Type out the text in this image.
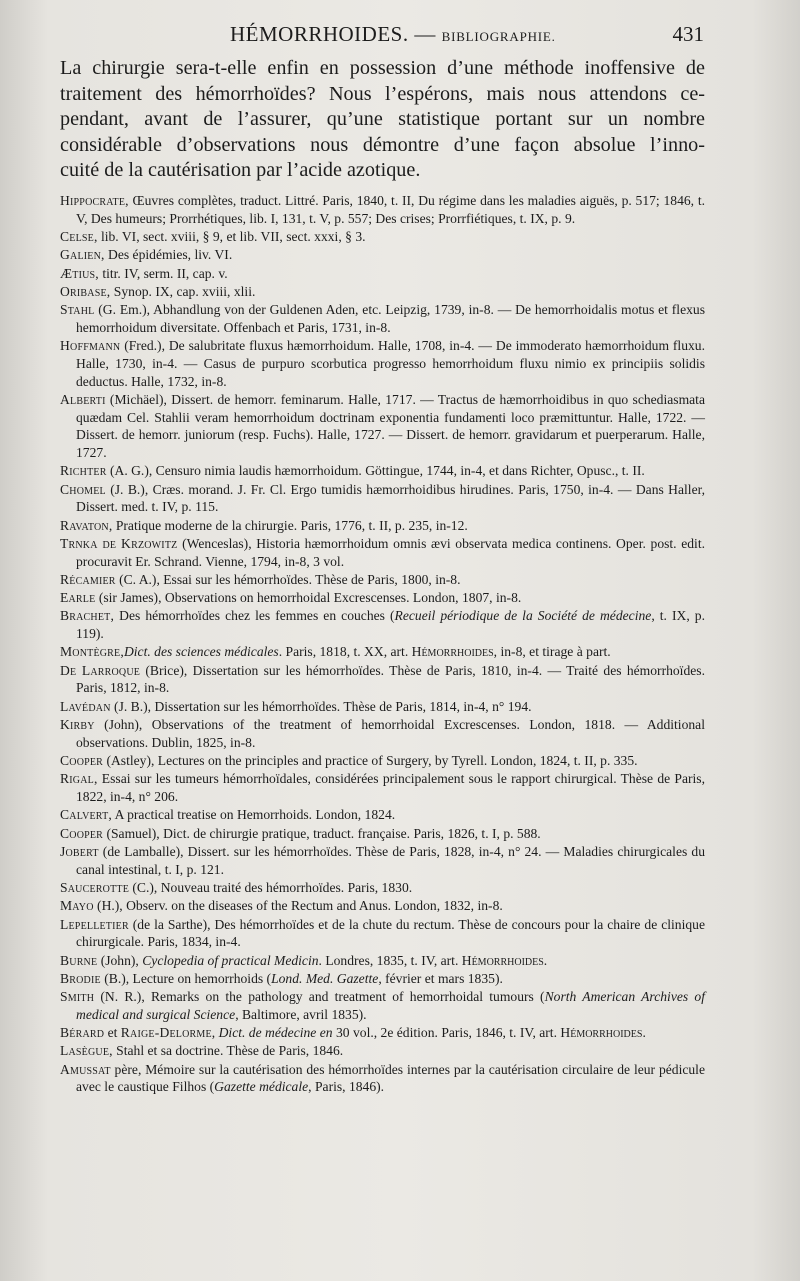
HÉMORRHOIDES. — BIBLIOGRAPHIE.	431

La chirurgie sera-t-elle enfin en possession d’une méthode inoffensive de
traitement des hémorrhoïdes? Nous l’espérons, mais nous attendons ce-
pendant, avant de l’assurer, qu’une statistique portant sur un nombre
considérable d’observations nous démontre d’une façon absolue l’inno-
cuité de la cautérisation par l’acide azotique.

Hippocrate, Œuvres complètes, traduct. Littré. Paris, 1840, t. II, Du régime dans les maladies aiguës, p. 517; 1846, t. V, Des humeurs; Prorrhétiques, lib. I, 131, t. V, p. 557; Des crises; Prorrfiétiques, t. IX, p. 9.
Celse, lib. VI, sect. xviii, § 9, et lib. VII, sect. xxxi, § 3.
Galien, Des épidémies, liv. VI.
Ætius, titr. IV, serm. II, cap. v.
Oribase, Synop. IX, cap. xviii, xlii.
Stahl (G. Em.), Abhandlung von der Guldenen Aden, etc. Leipzig, 1739, in-8. — De hemorrhoidalis motus et flexus hemorrhoidum diversitate. Offenbach et Paris, 1731, in-8.
Hoffmann (Fred.), De salubritate fluxus hæmorrhoidum. Halle, 1708, in-4. — De immoderato hæmorrhoidum fluxu. Halle, 1730, in-4. — Casus de purpuro scorbutica progresso hemorrhoidum fluxu nimio ex principiis solidis deductus. Halle, 1732, in-8.
Alberti (Michäel), Dissert. de hemorr. feminarum. Halle, 1717. — Tractus de hæmorrhoidibus in quo schediasmata quædam Cel. Stahlii veram hemorrhoidum doctrinam exponentia fundamenti loco præmittuntur. Halle, 1722. — Dissert. de hemorr. juniorum (resp. Fuchs). Halle, 1727. — Dissert. de hemorr. gravidarum et puerperarum. Halle, 1727.
Richter (A. G.), Censuro nimia laudis hæmorrhoidum. Göttingue, 1744, in-4, et dans Richter, Opusc., t. II.
Chomel (J. B.), Cræs. morand. J. Fr. Cl. Ergo tumidis hæmorrhoidibus hirudines. Paris, 1750, in-4. — Dans Haller, Dissert. med. t. IV, p. 115.
Ravaton, Pratique moderne de la chirurgie. Paris, 1776, t. II, p. 235, in-12.
Trnka de Krzowitz (Wenceslas), Historia hæmorrhoidum omnis ævi observata medica continens. Oper. post. edit. procuravit Er. Schrand. Vienne, 1794, in-8, 3 vol.
Récamier (C. A.), Essai sur les hémorrhoïdes. Thèse de Paris, 1800, in-8.
Earle (sir James), Observations on hemorrhoidal Excrescenses. London, 1807, in-8.
Brachet, Des hémorrhoïdes chez les femmes en couches (Recueil périodique de la Société de médecine, t. IX, p. 119).
Montègre,Dict. des sciences médicales. Paris, 1818, t. XX, art. Hémorrhoides, in-8, et tirage à part.
De Larroque (Brice), Dissertation sur les hémorrhoïdes. Thèse de Paris, 1810, in-4. — Traité des hémorrhoïdes. Paris, 1812, in-8.
Lavédan (J. B.), Dissertation sur les hémorrhoïdes. Thèse de Paris, 1814, in-4, n° 194.
Kirby (John), Observations of the treatment of hemorrhoidal Excrescenses. London, 1818. — Additional observations. Dublin, 1825, in-8.
Cooper (Astley), Lectures on the principles and practice of Surgery, by Tyrell. London, 1824, t. II, p. 335.
Rigal, Essai sur les tumeurs hémorrhoïdales, considérées principalement sous le rapport chirurgical. Thèse de Paris, 1822, in-4, n° 206.
Calvert, A practical treatise on Hemorrhoids. London, 1824.
Cooper (Samuel), Dict. de chirurgie pratique, traduct. française. Paris, 1826, t. I, p. 588.
Jobert (de Lamballe), Dissert. sur les hémorrhoïdes. Thèse de Paris, 1828, in-4, n° 24. — Maladies chirurgicales du canal intestinal, t. I, p. 121.
Saucerotte (C.), Nouveau traité des hémorrhoïdes. Paris, 1830.
Mayo (H.), Observ. on the diseases of the Rectum and Anus. London, 1832, in-8.
Lepelletier (de la Sarthe), Des hémorrhoïdes et de la chute du rectum. Thèse de concours pour la chaire de clinique chirurgicale. Paris, 1834, in-4.
Burne (John), Cyclopedia of practical Medicin. Londres, 1835, t. IV, art. Hémorrhoides.
Brodie (B.), Lecture on hemorrhoids (Lond. Med. Gazette, février et mars 1835).
Smith (N. R.), Remarks on the pathology and treatment of hemorrhoidal tumours (North American Archives of medical and surgical Science, Baltimore, avril 1835).
Bérard et Raige-Delorme, Dict. de médecine en 30 vol., 2e édition. Paris, 1846, t. IV, art. Hémorrhoides.
Lasègue, Stahl et sa doctrine. Thèse de Paris, 1846.
Amussat père, Mémoire sur la cautérisation des hémorrhoïdes internes par la cautérisation circulaire de leur pédicule avec le caustique Filhos (Gazette médicale, Paris, 1846).
